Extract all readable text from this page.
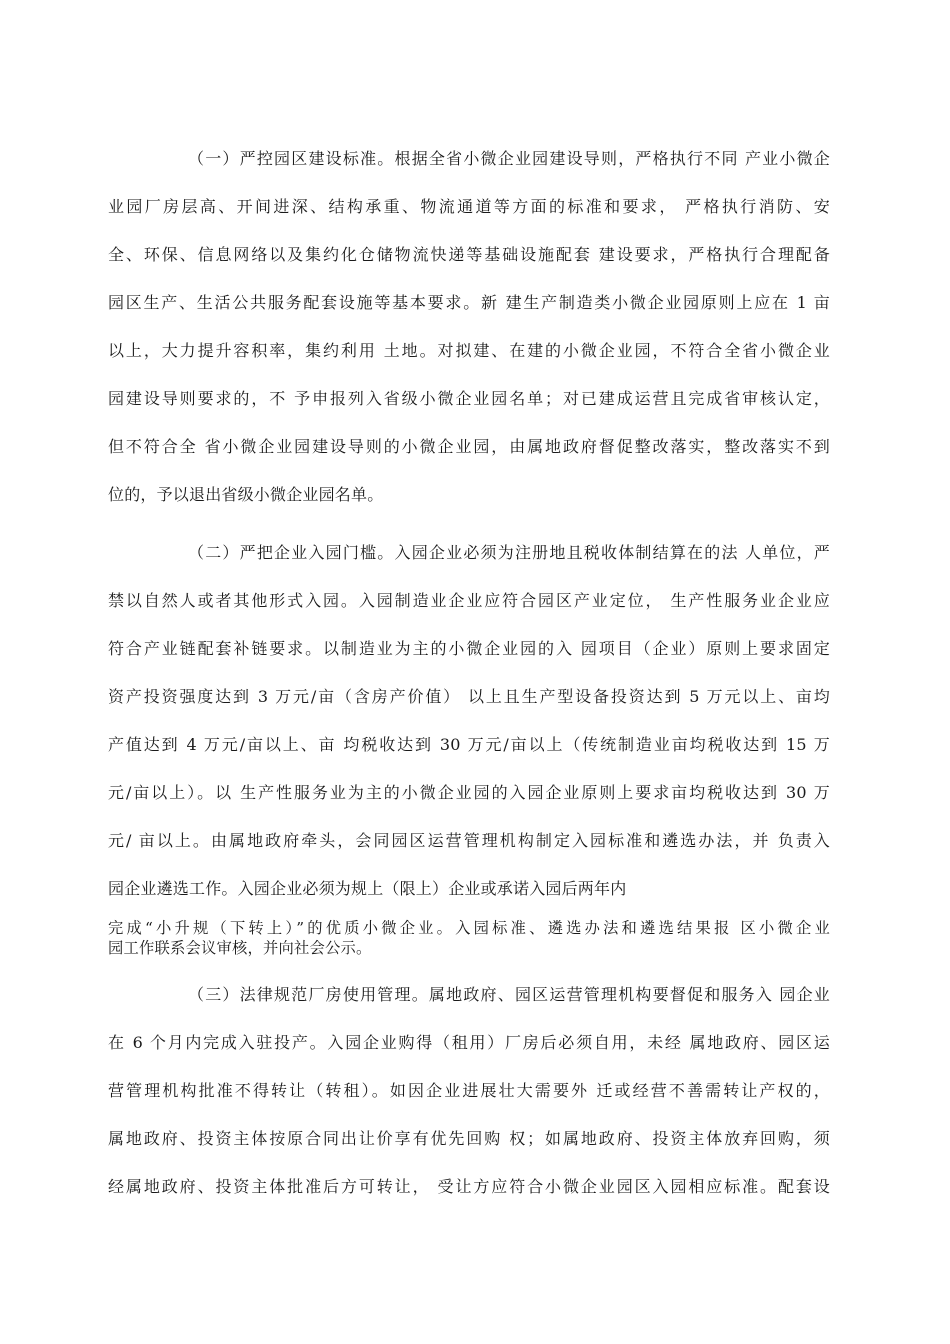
（一）严控园区建设标准。根据全省小微企业园建设导则，严格执行不同 产业小微企
业园厂房层高、开间进深、结构承重、物流通道等方面的标准和要求， 严格执行消防、安
全、环保、信息网络以及集约化仓储物流快递等基础设施配套 建设要求，严格执行合理配备
园区生产、生活公共服务配套设施等基本要求。新 建生产制造类小微企业园原则上应在 1 亩
以上，大力提升容积率，集约利用 土地。对拟建、在建的小微企业园，不符合全省小微企业
园建设导则要求的，不 予申报列入省级小微企业园名单；对已建成运营且完成省审核认定，
但不符合全 省小微企业园建设导则的小微企业园，由属地政府督促整改落实，整改落实不到
位的，予以退出省级小微企业园名单。
（二）严把企业入园门槛。入园企业必须为注册地且税收体制结算在的法 人单位，严
禁以自然人或者其他形式入园。入园制造业企业应符合园区产业定位， 生产性服务业企业应
符合产业链配套补链要求。以制造业为主的小微企业园的入 园项目（企业）原则上要求固定
资产投资强度达到 3 万元/亩（含房产价值） 以上且生产型设备投资达到 5 万元以上、亩均
产值达到 4 万元/亩以上、亩 均税收达到 30 万元/亩以上（传统制造业亩均税收达到 15 万
元/亩以上）。以 生产性服务业为主的小微企业园的入园企业原则上要求亩均税收达到 30 万
元/ 亩以上。由属地政府牵头，会同园区运营管理机构制定入园标准和遴选办法，并 负责入
园企业遴选工作。入园企业必须为规上（限上）企业或承诺入园后两年内
完成“小升规（下转上）”的优质小微企业。入园标准、遴选办法和遴选结果报 区小微企业
园工作联系会议审核，并向社会公示。
（三）法律规范厂房使用管理。属地政府、园区运营管理机构要督促和服务入 园企业
在 6 个月内完成入驻投产。入园企业购得（租用）厂房后必须自用，未经 属地政府、园区运
营管理机构批准不得转让（转租）。如因企业进展壮大需要外 迁或经营不善需转让产权的，
属地政府、投资主体按原合同出让价享有优先回购 权；如属地政府、投资主体放弃回购，须
经属地政府、投资主体批准后方可转让， 受让方应符合小微企业园区入园相应标准。配套设
